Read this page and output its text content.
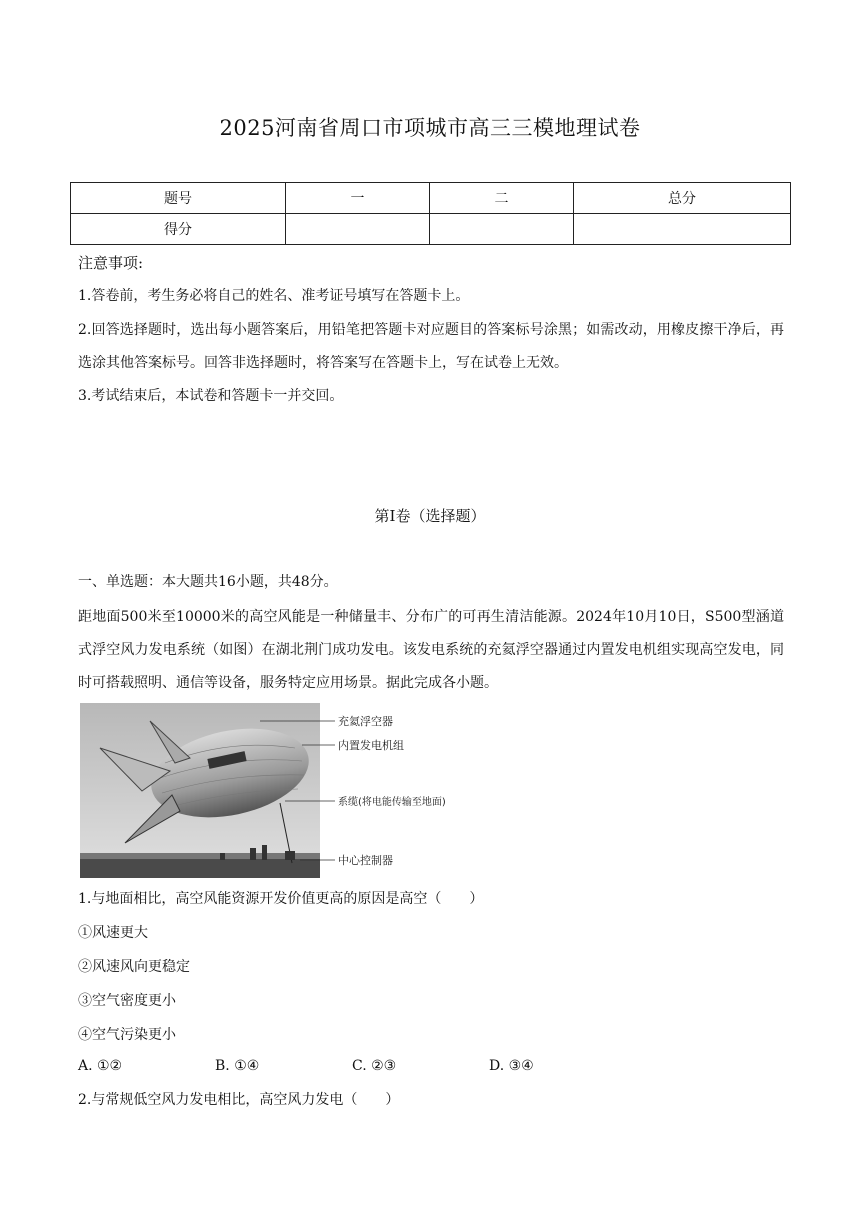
2025河南省周口市项城市高三三模地理试卷
题号	一	二	总分
得分			
注意事项:
1.答卷前，考生务必将自己的姓名、准考证号填写在答题卡上。
2.回答选择题时，选出每小题答案后，用铅笔把答题卡对应题目的答案标号涂黑；如需改动，用橡皮擦干净后，再选涂其他答案标号。回答非选择题时，将答案写在答题卡上，写在试卷上无效。
3.考试结束后，本试卷和答题卡一并交回。
第I卷（选择题）
一、单选题：本大题共16小题，共48分。
距地面500米至10000米的高空风能是一种储量丰、分布广的可再生清洁能源。2024年10月10日，S500型涵道式浮空风力发电系统（如图）在湖北荆门成功发电。该发电系统的充氦浮空器通过内置发电机组实现高空发电，同时可搭载照明、通信等设备，服务特定应用场景。据此完成各小题。
充氦浮空器
内置发电机组
系缆(将电能传输至地面)
中心控制器
1.与地面相比，高空风能资源开发价值更高的原因是高空（　　）
①风速更大
②风速风向更稳定
③空气密度更小
④空气污染更小
A. ①②	B. ①④	C. ②③	D. ③④
2.与常规低空风力发电相比，高空风力发电（　　）
